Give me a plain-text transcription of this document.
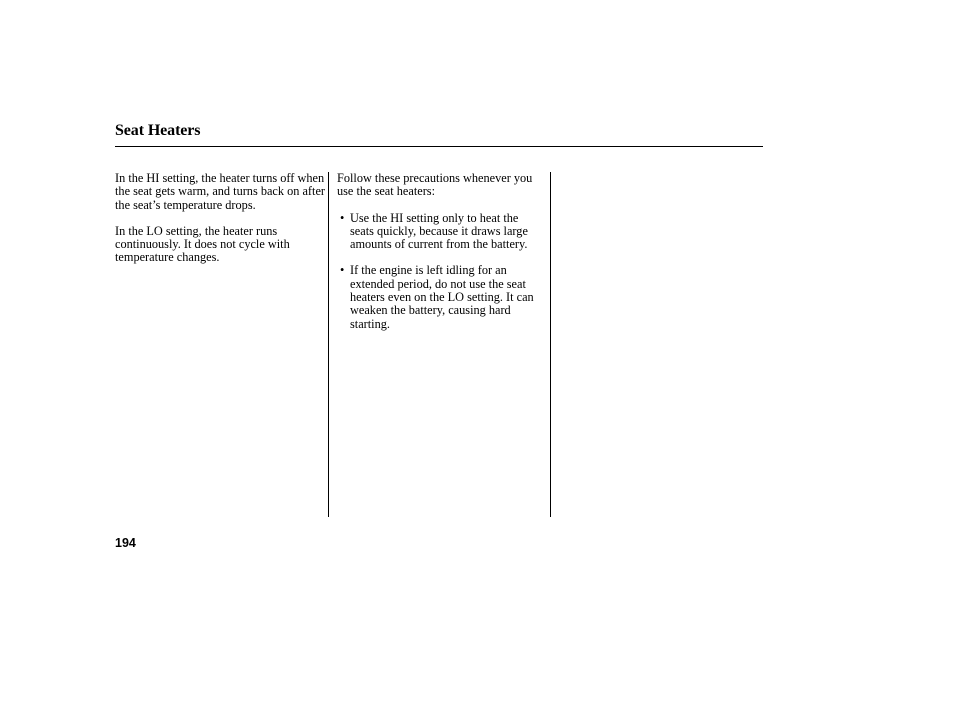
Seat Heaters

In the HI setting, the heater turns off when the seat gets warm, and turns back on after the seat’s temperature drops.

In the LO setting, the heater runs continuously. It does not cycle with temperature changes.

Follow these precautions whenever you use the seat heaters:

• Use the HI setting only to heat the seats quickly, because it draws large amounts of current from the battery.
• If the engine is left idling for an extended period, do not use the seat heaters even on the LO setting. It can weaken the battery, causing hard starting.
194
